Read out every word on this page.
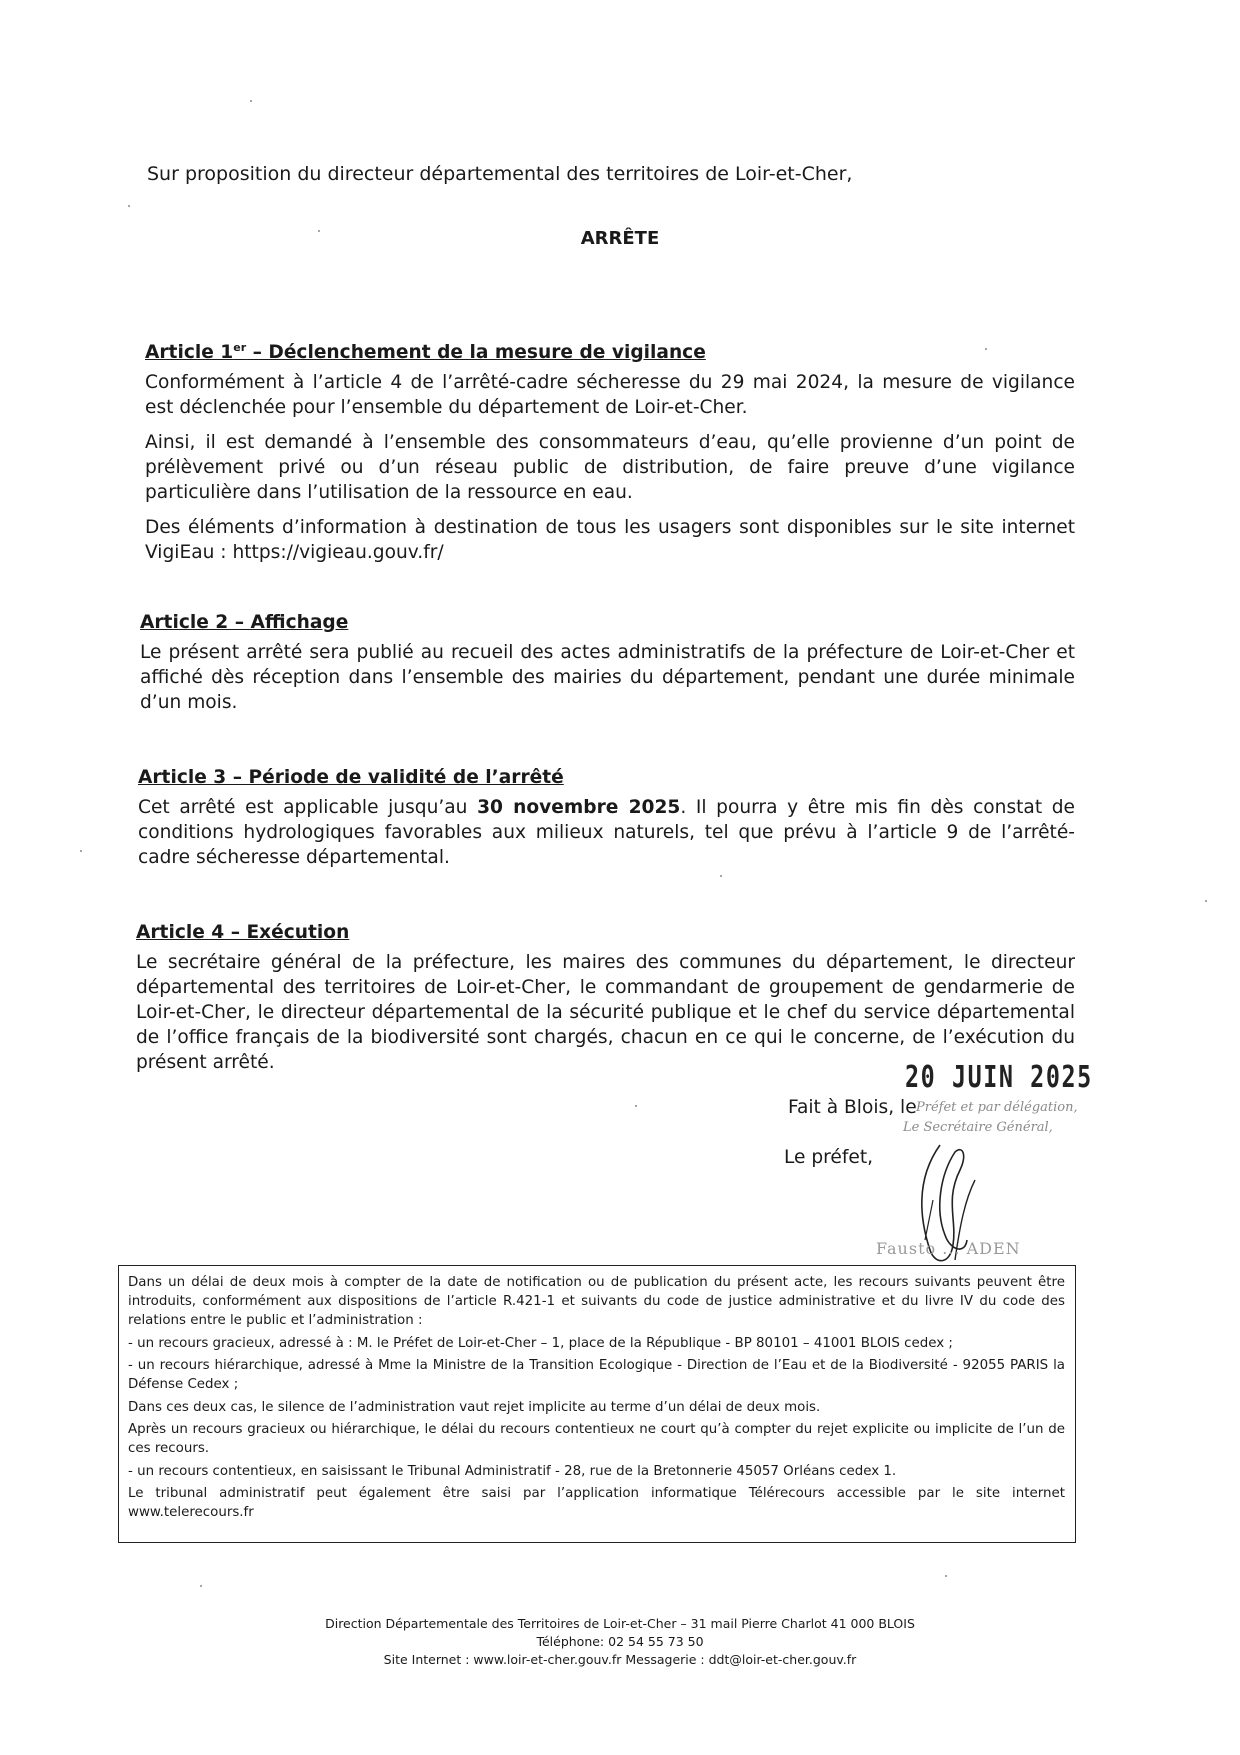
Sur proposition du directeur départemental des territoires de Loir-et-Cher,
ARRÊTE
Article 1er – Déclenchement de la mesure de vigilance

Conformément à l’article 4 de l’arrêté-cadre sécheresse du 29 mai 2024, la mesure de vigilance est déclenchée pour l’ensemble du département de Loir-et-Cher.

Ainsi, il est demandé à l’ensemble des consommateurs d’eau, qu’elle provienne d’un point de prélèvement privé ou d’un réseau public de distribution, de faire preuve d’une vigilance particulière dans l’utilisation de la ressource en eau.

Des éléments d’information à destination de tous les usagers sont disponibles sur le site internet VigiEau : https://vigieau.gouv.fr/

Article 2 – Affichage

Le présent arrêté sera publié au recueil des actes administratifs de la préfecture de Loir-et-Cher et affiché dès réception dans l’ensemble des mairies du département, pendant une durée minimale d’un mois.

Article 3 – Période de validité de l’arrêté

Cet arrêté est applicable jusqu’au 30 novembre 2025. Il pourra y être mis fin dès constat de conditions hydrologiques favorables aux milieux naturels, tel que prévu à l’article 9 de l’arrêté-cadre sécheresse départemental.

Article 4 – Exécution

Le secrétaire général de la préfecture, les maires des communes du département, le directeur départemental des territoires de Loir-et-Cher, le commandant de groupement de gendarmerie de Loir-et-Cher, le directeur départemental de la sécurité publique et le chef du service départemental de l’office français de la biodiversité sont chargés, chacun en ce qui le concerne, de l’exécution du présent arrêté.	20 JUIN 2025
Fait à Blois, le Préfet et par délégation,
Le Secrétaire Général,
Le préfet,
Fausto ... ADEN

Dans un délai de deux mois à compter de la date de notification ou de publication du présent acte, les recours suivants peuvent être introduits, conformément aux dispositions de l’article R.421-1 et suivants du code de justice administrative et du livre IV du code des relations entre le public et l’administration :

- un recours gracieux, adressé à : M. le Préfet de Loir-et-Cher – 1, place de la République - BP 80101 – 41001 BLOIS cedex ;

- un recours hiérarchique, adressé à Mme la Ministre de la Transition Ecologique - Direction de l’Eau et de la Biodiversité - 92055 PARIS la Défense Cedex ;

Dans ces deux cas, le silence de l’administration vaut rejet implicite au terme d’un délai de deux mois.

Après un recours gracieux ou hiérarchique, le délai du recours contentieux ne court qu’à compter du rejet explicite ou implicite de l’un de ces recours.

- un recours contentieux, en saisissant le Tribunal Administratif - 28, rue de la Bretonnerie 45057 Orléans cedex 1.

Le tribunal administratif peut également être saisi par l’application informatique Télérecours accessible par le site internet www.telerecours.fr

Direction Départementale des Territoires de Loir-et-Cher – 31 mail Pierre Charlot 41 000 BLOIS
Téléphone: 02 54 55 73 50
Site Internet : www.loir-et-cher.gouv.fr Messagerie : ddt@loir-et-cher.gouv.fr
